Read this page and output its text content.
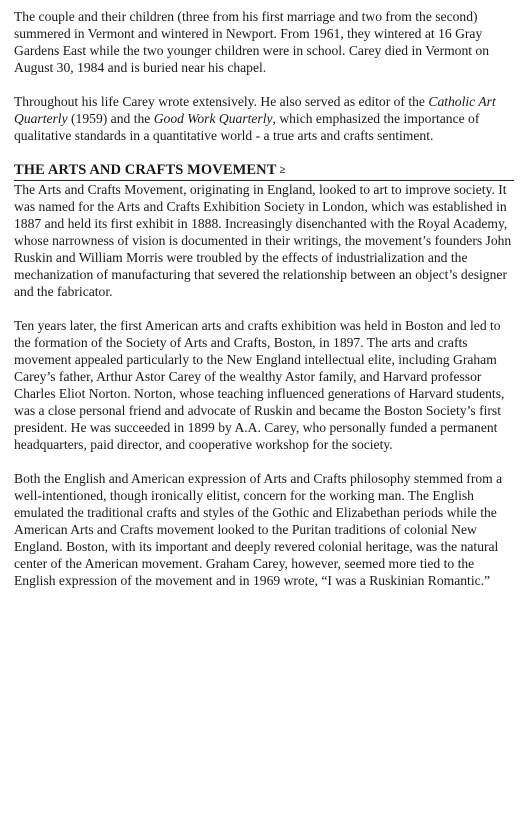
The couple and their children (three from his first marriage and two from the second) summered in Vermont and wintered in Newport. From 1961, they wintered at 16 Gray Gardens East while the two younger children were in school. Carey died in Vermont on August 30, 1984 and is buried near his chapel.

Throughout his life Carey wrote extensively. He also served as editor of the Catholic Art Quarterly (1959) and the Good Work Quarterly, which emphasized the importance of qualitative standards in a quantitative world - a true arts and crafts sentiment.

THE ARTS AND CRAFTS MOVEMENT ≥

The Arts and Crafts Movement, originating in England, looked to art to improve society. It was named for the Arts and Crafts Exhibition Society in London, which was established in 1887 and held its first exhibit in 1888. Increasingly disenchanted with the Royal Academy, whose narrowness of vision is documented in their writings, the movement’s founders John Ruskin and William Morris were troubled by the effects of industrialization and the mechanization of manufacturing that severed the relationship between an object’s designer and the fabricator.

Ten years later, the first American arts and crafts exhibition was held in Boston and led to the formation of the Society of Arts and Crafts, Boston, in 1897. The arts and crafts movement appealed particularly to the New England intellectual elite, including Graham Carey’s father, Arthur Astor Carey of the wealthy Astor family, and Harvard professor Charles Eliot Norton. Norton, whose teaching influenced generations of Harvard students, was a close personal friend and advocate of Ruskin and became the Boston Society’s first president. He was succeeded in 1899 by A.A. Carey, who personally funded a permanent headquarters, paid director, and cooperative workshop for the society.

Both the English and American expression of Arts and Crafts philosophy stemmed from a well-intentioned, though ironically elitist, concern for the working man. The English emulated the traditional crafts and styles of the Gothic and Elizabethan periods while the American Arts and Crafts movement looked to the Puritan traditions of colonial New England. Boston, with its important and deeply revered colonial heritage, was the natural center of the American movement. Graham Carey, however, seemed more tied to the English expression of the movement and in 1969 wrote, “I was a Ruskinian Romantic.”
